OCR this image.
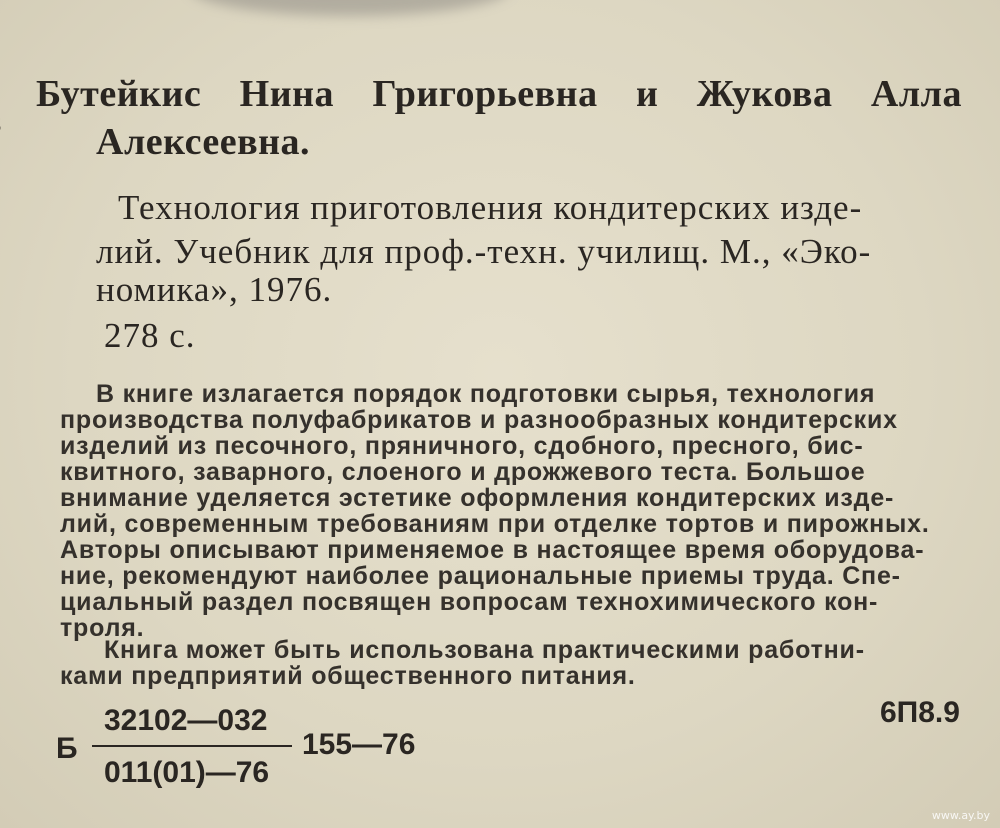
Бутейкис Нина Григорьевна и Жукова Алла
Алексеевна.
Технология приготовления кондитерских изде-
лий. Учебник для проф.-техн. училищ. М., «Эко-
номика», 1976.
278 с.
В книге излагается порядок подготовки сырья, технология
производства полуфабрикатов и разнообразных кондитерских
изделий из песочного, пряничного, сдобного, пресного, бис-
квитного, заварного, слоеного и дрожжевого теста. Большое
внимание уделяется эстетике оформления кондитерских изде-
лий, современным требованиям при отделке тортов и пирожных.
Авторы описывают применяемое в настоящее время оборудова-
ние, рекомендуют наиболее рациональные приемы труда. Спе-
циальный раздел посвящен вопросам технохимического кон-
троля.
Книга может быть использована практическими работни-
ками предприятий общественного питания.
6П8.9
Б
32102—032
011(01)—76
155—76
www.ay.by
